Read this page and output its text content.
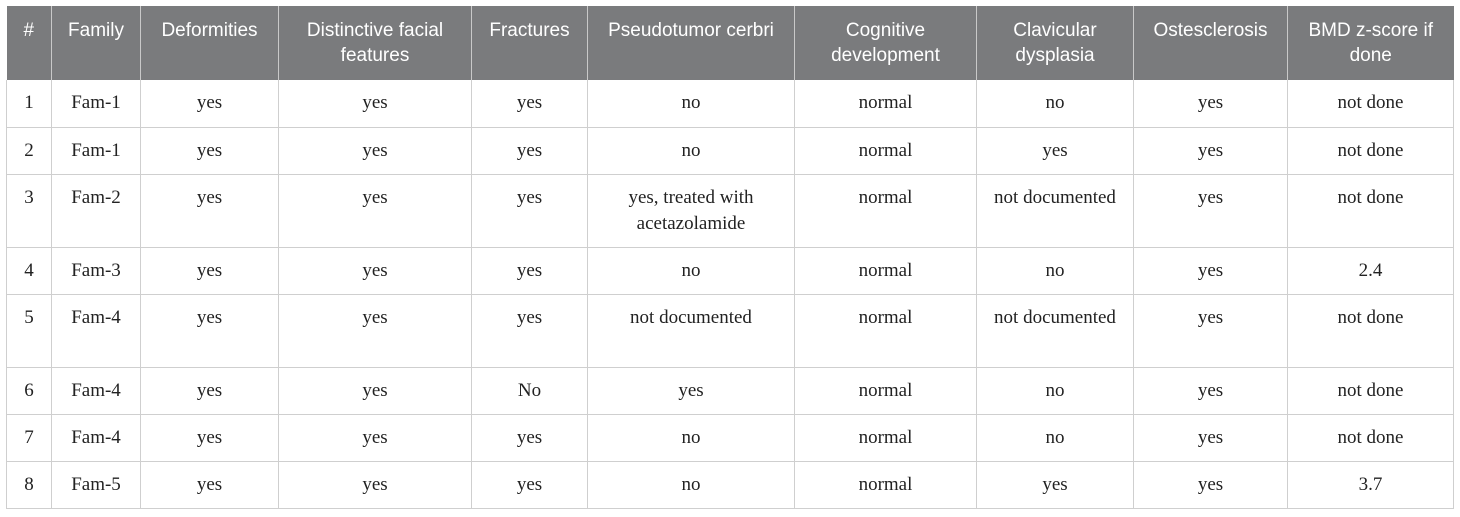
#	Family	Deformities	Distinctive facial features	Fractures	Pseudotumor cerbri	Cognitive development	Clavicular dysplasia	Ostesclerosis	BMD z-score if done
1	Fam-1	yes	yes	yes	no	normal	no	yes	not done
2	Fam-1	yes	yes	yes	no	normal	yes	yes	not done
3	Fam-2	yes	yes	yes	yes, treated with acetazolamide	normal	not documented	yes	not done
4	Fam-3	yes	yes	yes	no	normal	no	yes	2.4
5	Fam-4	yes	yes	yes	not documented	normal	not documented	yes	not done
6	Fam-4	yes	yes	No	yes	normal	no	yes	not done
7	Fam-4	yes	yes	yes	no	normal	no	yes	not done
8	Fam-5	yes	yes	yes	no	normal	yes	yes	3.7
